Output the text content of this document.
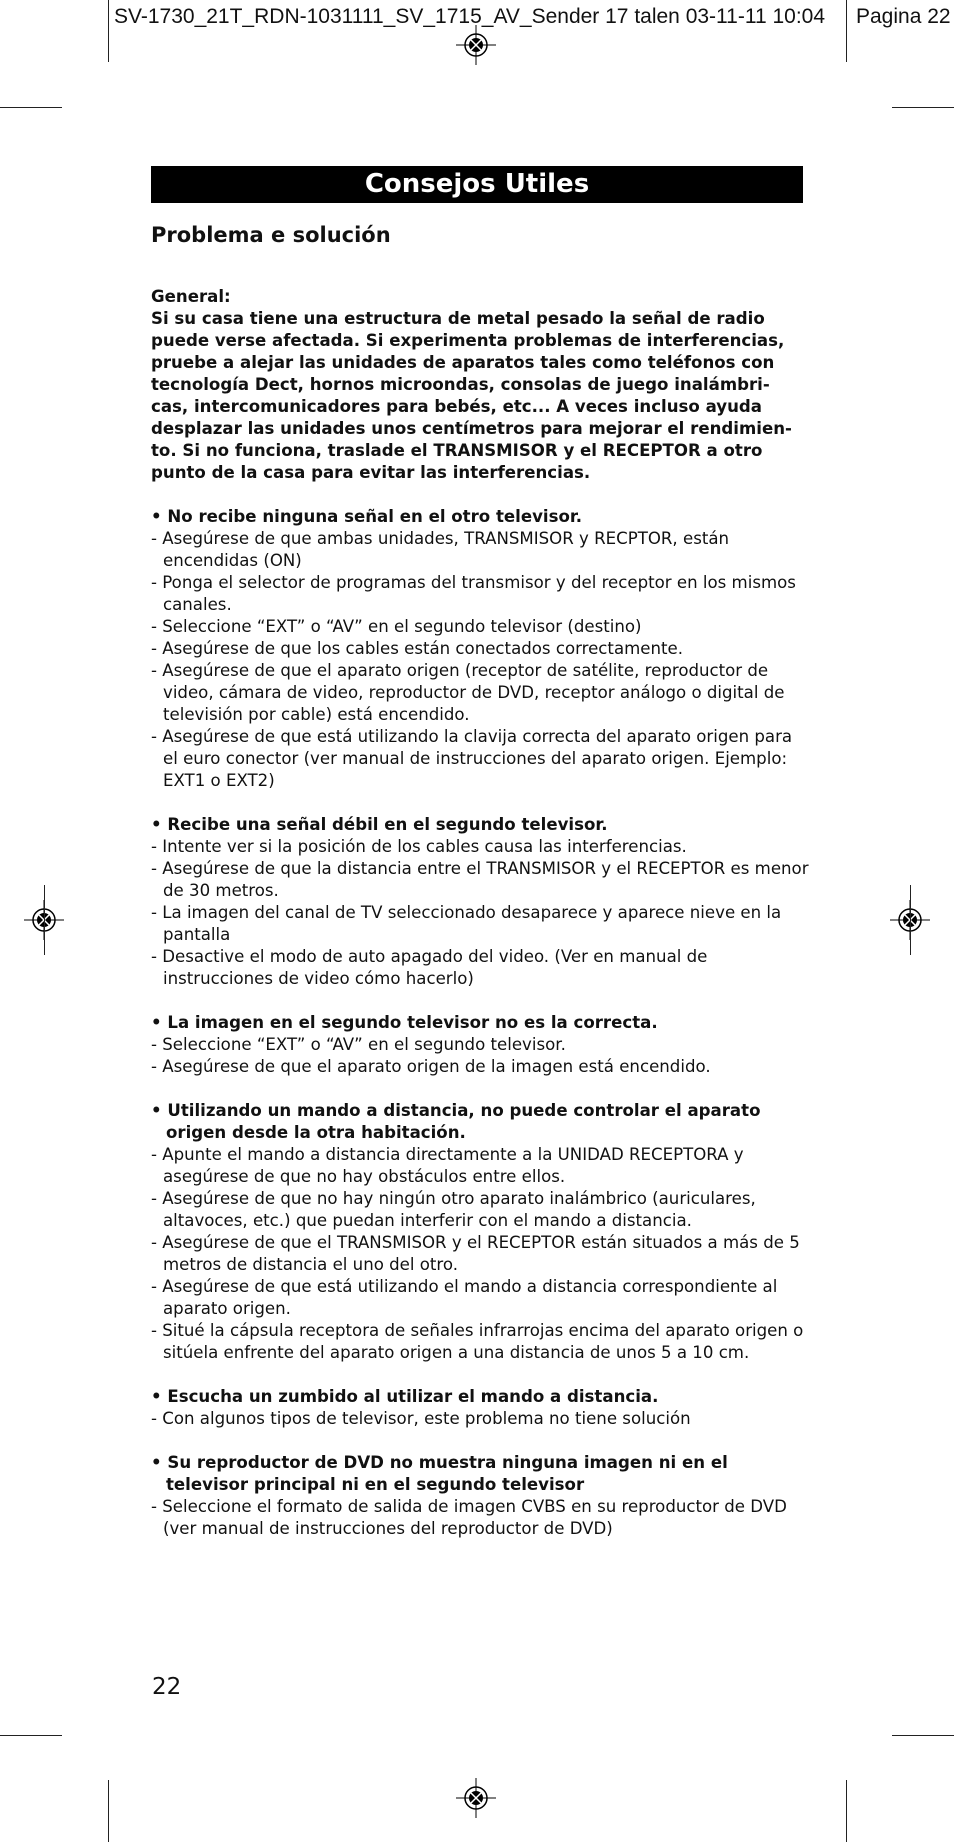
SV-1730_21T_RDN-1031111_SV_1715_AV_Sender 17 talen 03-11-11 10:04 Pagina 22
Consejos Utiles
Problema e solución

General:

Si su casa tiene una estructura de metal pesado la señal de radio

puede verse afectada. Si experimenta problemas de interferencias,

pruebe a alejar las unidades de aparatos tales como teléfonos con

tecnología Dect, hornos microondas, consolas de juego inalámbri-

cas, intercomunicadores para bebés, etc... A veces incluso ayuda

desplazar las unidades unos centímetros para mejorar el rendimien-

to. Si no funciona, traslade el TRANSMISOR y el RECEPTOR a otro

punto de la casa para evitar las interferencias.

• No recibe ninguna señal en el otro televisor.

- Asegúrese de que ambas unidades, TRANSMISOR y RECPTOR, están encendidas (ON)

- Ponga el selector de programas del transmisor y del receptor en los mismos canales.

- Seleccione “EXT” o “AV” en el segundo televisor (destino)

- Asegúrese de que los cables están conectados correctamente.

- Asegúrese de que el aparato origen (receptor de satélite, reproductor de video, cámara de video, reproductor de DVD, receptor análogo o digital de televisión por cable) está encendido.

- Asegúrese de que está utilizando la clavija correcta del aparato origen para el euro conector (ver manual de instrucciones del aparato origen. Ejemplo: EXT1 o EXT2)

• Recibe una señal débil en el segundo televisor.

- Intente ver si la posición de los cables causa las interferencias.

- Asegúrese de que la distancia entre el TRANSMISOR y el RECEPTOR es menor de 30 metros.

- La imagen del canal de TV seleccionado desaparece y aparece nieve en la pantalla

- Desactive el modo de auto apagado del video. (Ver en manual de instrucciones de video cómo hacerlo)

• La imagen en el segundo televisor no es la correcta.

- Seleccione “EXT” o “AV” en el segundo televisor.

- Asegúrese de que el aparato origen de la imagen está encendido.

• Utilizando un mando a distancia, no puede controlar el aparato origen desde la otra habitación.

- Apunte el mando a distancia directamente a la UNIDAD RECEPTORA y asegúrese de que no hay obstáculos entre ellos.

- Asegúrese de que no hay ningún otro aparato inalámbrico (auriculares, altavoces, etc.) que puedan interferir con el mando a distancia.

- Asegúrese de que el TRANSMISOR y el RECEPTOR están situados a más de 5 metros de distancia el uno del otro.

- Asegúrese de que está utilizando el mando a distancia correspondiente al aparato origen.

- Situé la cápsula receptora de señales infrarrojas encima del aparato origen o sitúela enfrente del aparato origen a una distancia de unos 5 a 10 cm.

• Escucha un zumbido al utilizar el mando a distancia.

- Con algunos tipos de televisor, este problema no tiene solución

• Su reproductor de DVD no muestra ninguna imagen ni en el televisor principal ni en el segundo televisor

- Seleccione el formato de salida de imagen CVBS en su reproductor de DVD (ver manual de instrucciones del reproductor de DVD)

22
